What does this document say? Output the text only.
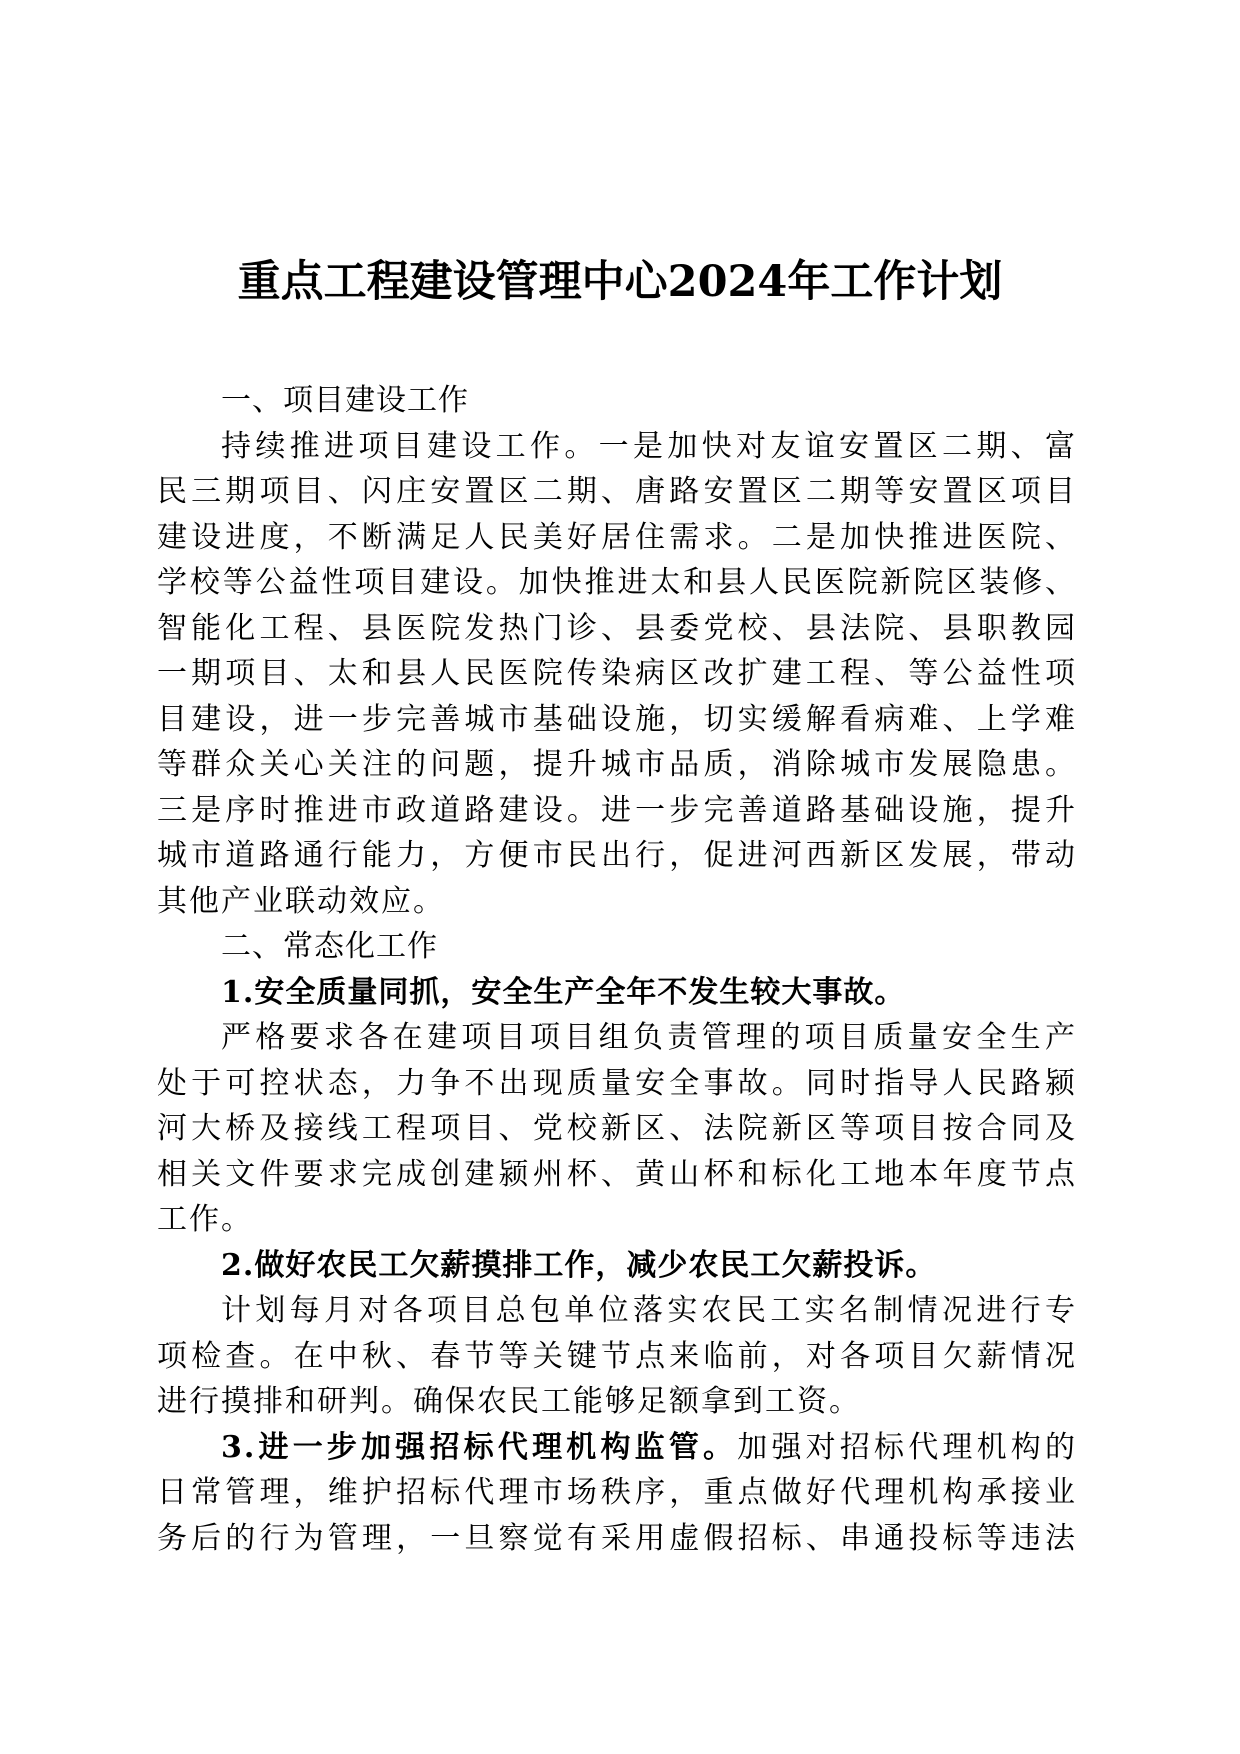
重点工程建设管理中心2024年工作计划
一、项目建设工作
持续推进项目建设工作。一是加快对友谊安置区二期、富
民三期项目、闪庄安置区二期、唐路安置区二期等安置区项目
建设进度，不断满足人民美好居住需求。二是加快推进医院、
学校等公益性项目建设。加快推进太和县人民医院新院区装修、
智能化工程、县医院发热门诊、县委党校、县法院、县职教园
一期项目、太和县人民医院传染病区改扩建工程、等公益性项
目建设，进一步完善城市基础设施，切实缓解看病难、上学难
等群众关心关注的问题，提升城市品质，消除城市发展隐患。
三是序时推进市政道路建设。进一步完善道路基础设施，提升
城市道路通行能力，方便市民出行，促进河西新区发展，带动
其他产业联动效应。
二、常态化工作
1.安全质量同抓，安全生产全年不发生较大事故。
严格要求各在建项目项目组负责管理的项目质量安全生产
处于可控状态，力争不出现质量安全事故。同时指导人民路颍
河大桥及接线工程项目、党校新区、法院新区等项目按合同及
相关文件要求完成创建颍州杯、黄山杯和标化工地本年度节点
工作。
2.做好农民工欠薪摸排工作，减少农民工欠薪投诉。
计划每月对各项目总包单位落实农民工实名制情况进行专
项检查。在中秋、春节等关键节点来临前，对各项目欠薪情况
进行摸排和研判。确保农民工能够足额拿到工资。
3.进一步加强招标代理机构监管。加强对招标代理机构的
日常管理，维护招标代理市场秩序，重点做好代理机构承接业
务后的行为管理，一旦察觉有采用虚假招标、串通投标等违法
